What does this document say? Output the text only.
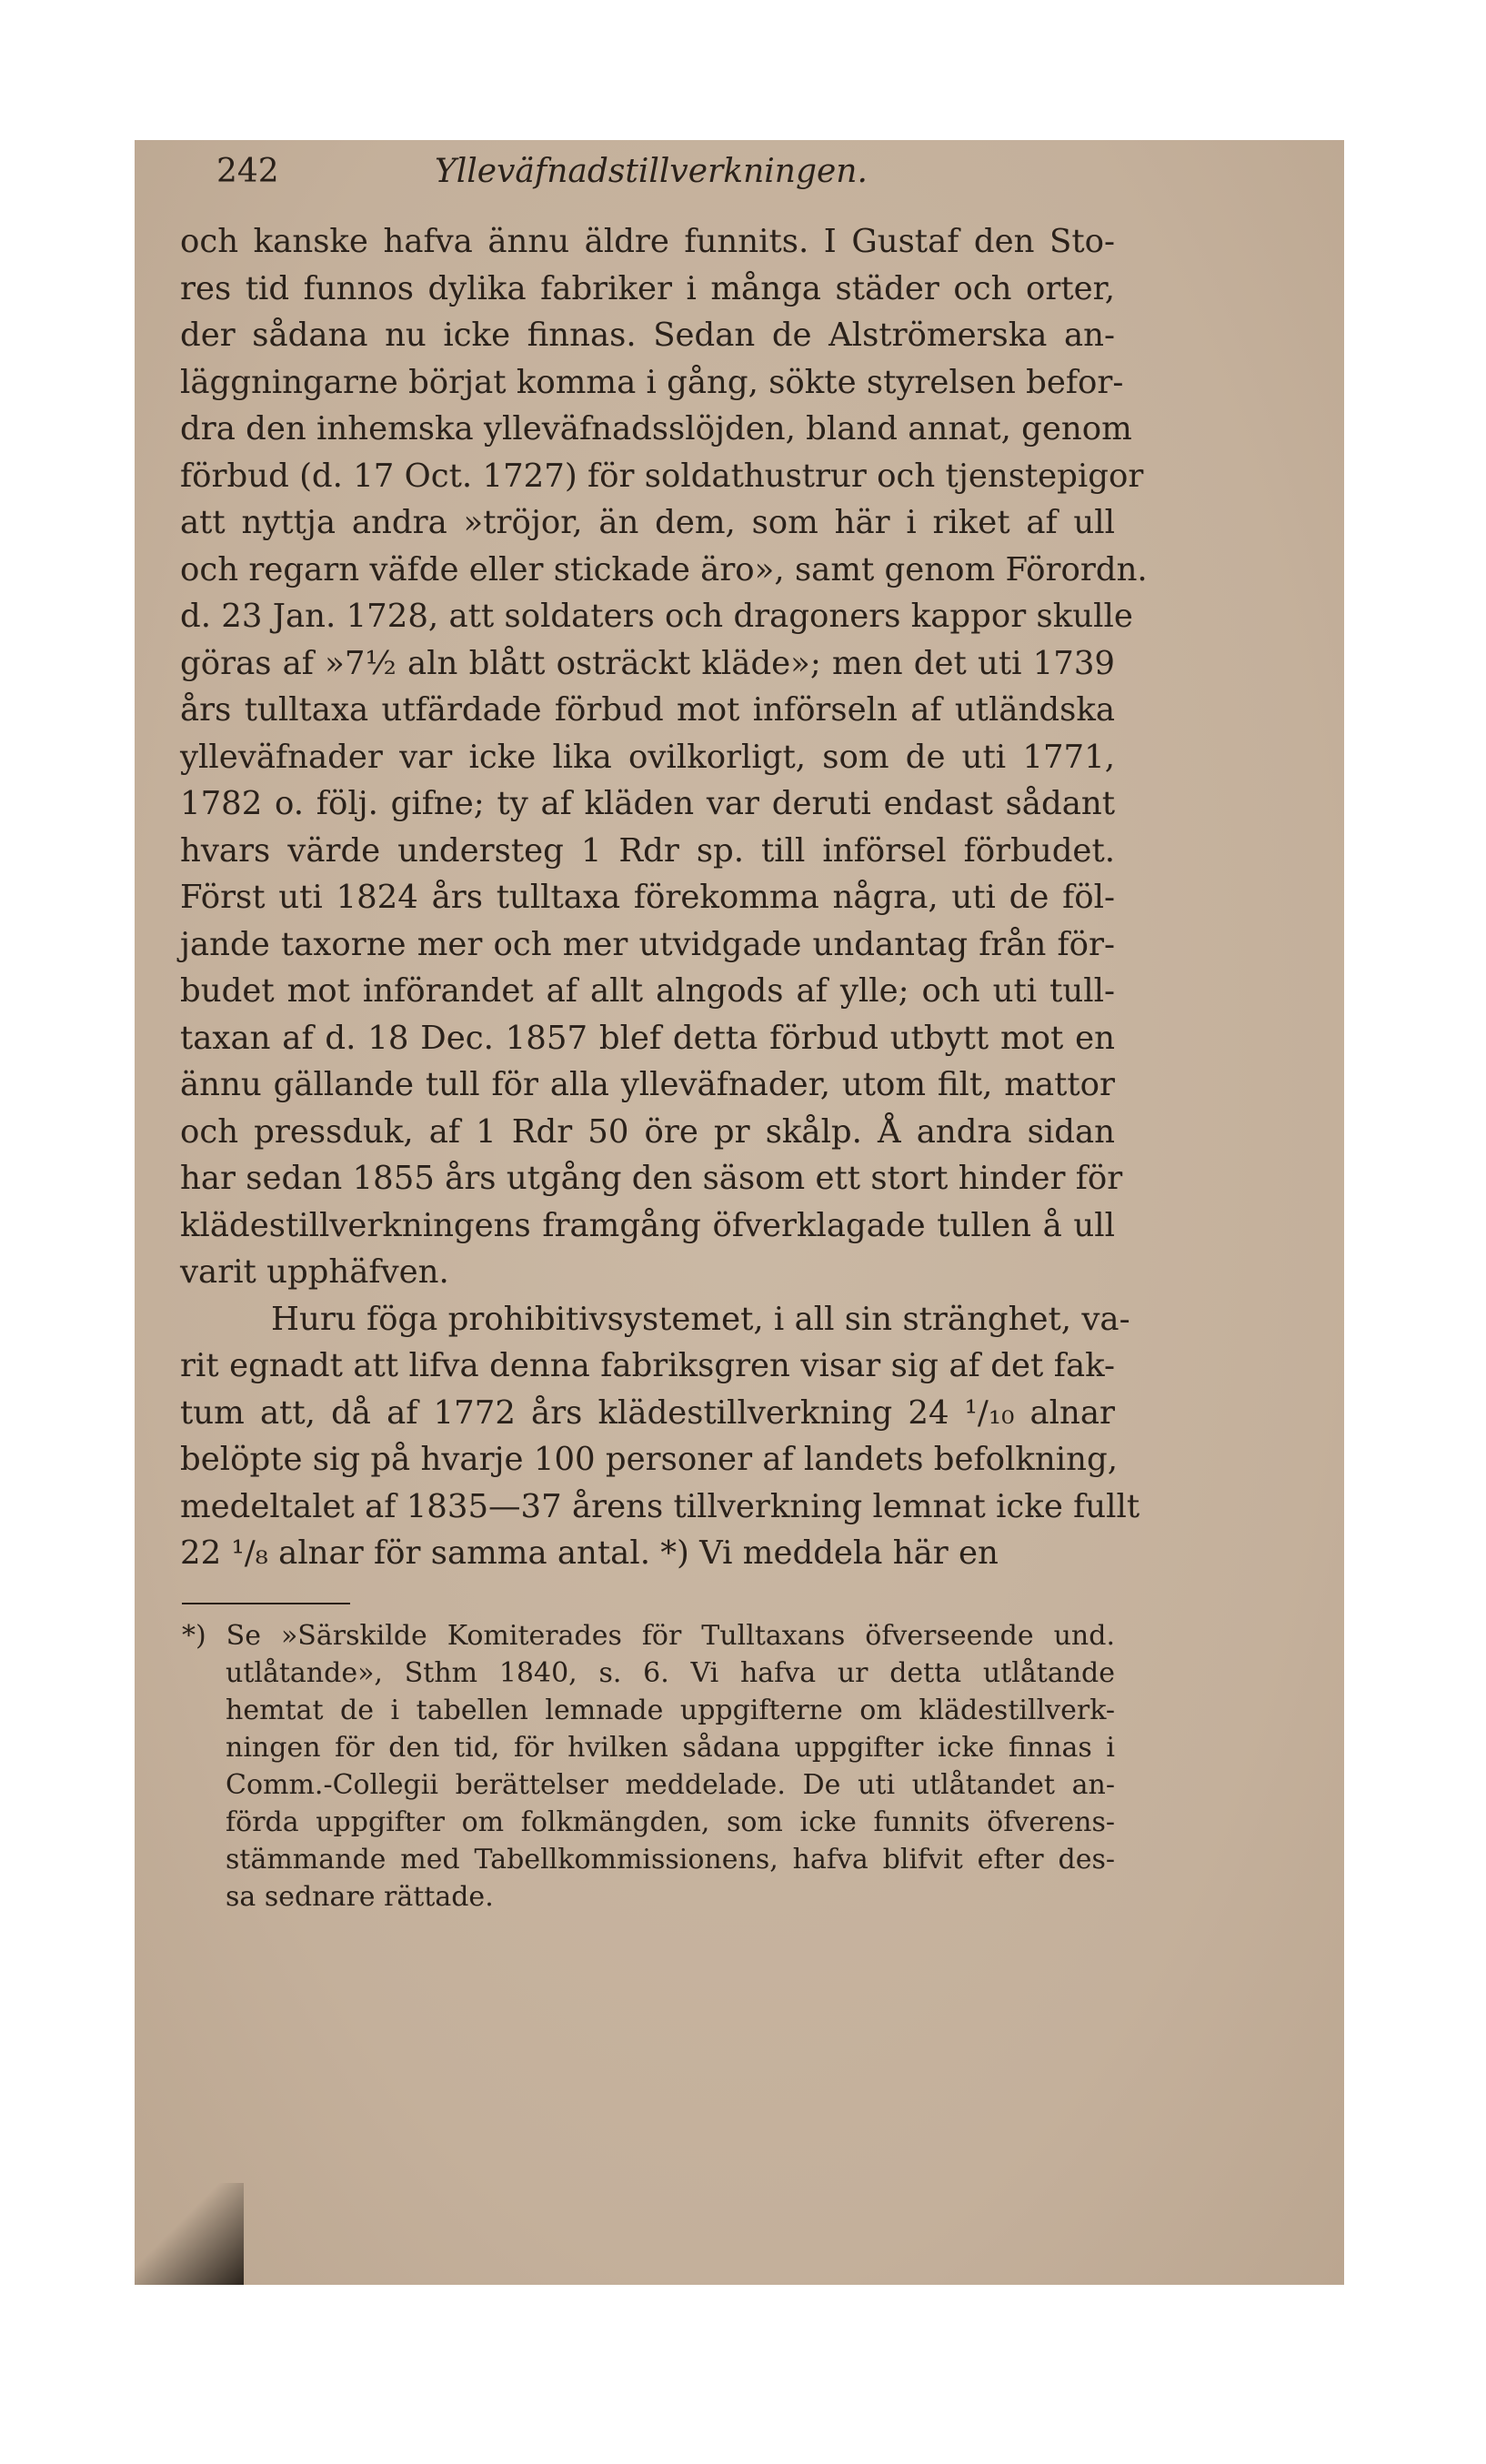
242	Ylleväfnadstillverkningen.
och kanske hafva ännu äldre funnits. I Gustaf den Sto-
res tid funnos dylika fabriker i många städer och orter,
der sådana nu icke finnas. Sedan de Alströmerska an-
läggningarne börjat komma i gång, sökte styrelsen befor-
dra den inhemska ylleväfnadsslöjden, bland annat, genom
förbud (d. 17 Oct. 1727) för soldathustrur och tjenstepigor
att nyttja andra »tröjor, än dem, som här i riket af ull
och regarn väfde eller stickade äro», samt genom Förordn.
d. 23 Jan. 1728, att soldaters och dragoners kappor skulle
göras af »7½ aln blått osträckt kläde»; men det uti 1739
års tulltaxa utfärdade förbud mot införseln af utländska
ylleväfnader var icke lika ovilkorligt, som de uti 1771,
1782 o. följ. gifne; ty af kläden var deruti endast sådant
hvars värde understeg 1 Rdr sp. till införsel förbudet.
Först uti 1824 års tulltaxa förekomma några, uti de föl-
jande taxorne mer och mer utvidgade undantag från för-
budet mot införandet af allt alngods af ylle; och uti tull-
taxan af d. 18 Dec. 1857 blef detta förbud utbytt mot en
ännu gällande tull för alla ylleväfnader, utom filt, mattor
och pressduk, af 1 Rdr 50 öre pr skålp. Å andra sidan
har sedan 1855 års utgång den säsom ett stort hinder för
klädestillverkningens framgång öfverklagade tullen å ull
varit upphäfven.
Huru föga prohibitivsystemet, i all sin stränghet, va-
rit egnadt att lifva denna fabriksgren visar sig af det fak-
tum att, då af 1772 års klädestillverkning 24 ¹/₁₀ alnar
belöpte sig på hvarje 100 personer af landets befolkning,
medeltalet af 1835—37 årens tillverkning lemnat icke fullt
22 ¹/₈ alnar för samma antal. *) Vi meddela här en
*) Se »Särskilde Komiterades för Tulltaxans öfverseende und.
utlåtande», Sthm 1840, s. 6. Vi hafva ur detta utlåtande
hemtat de i tabellen lemnade uppgifterne om klädestillverk-
ningen för den tid, för hvilken sådana uppgifter icke finnas i
Comm.-Collegii berättelser meddelade. De uti utlåtandet an-
förda uppgifter om folkmängden, som icke funnits öfverens-
stämmande med Tabellkommissionens, hafva blifvit efter des-
sa sednare rättade.
